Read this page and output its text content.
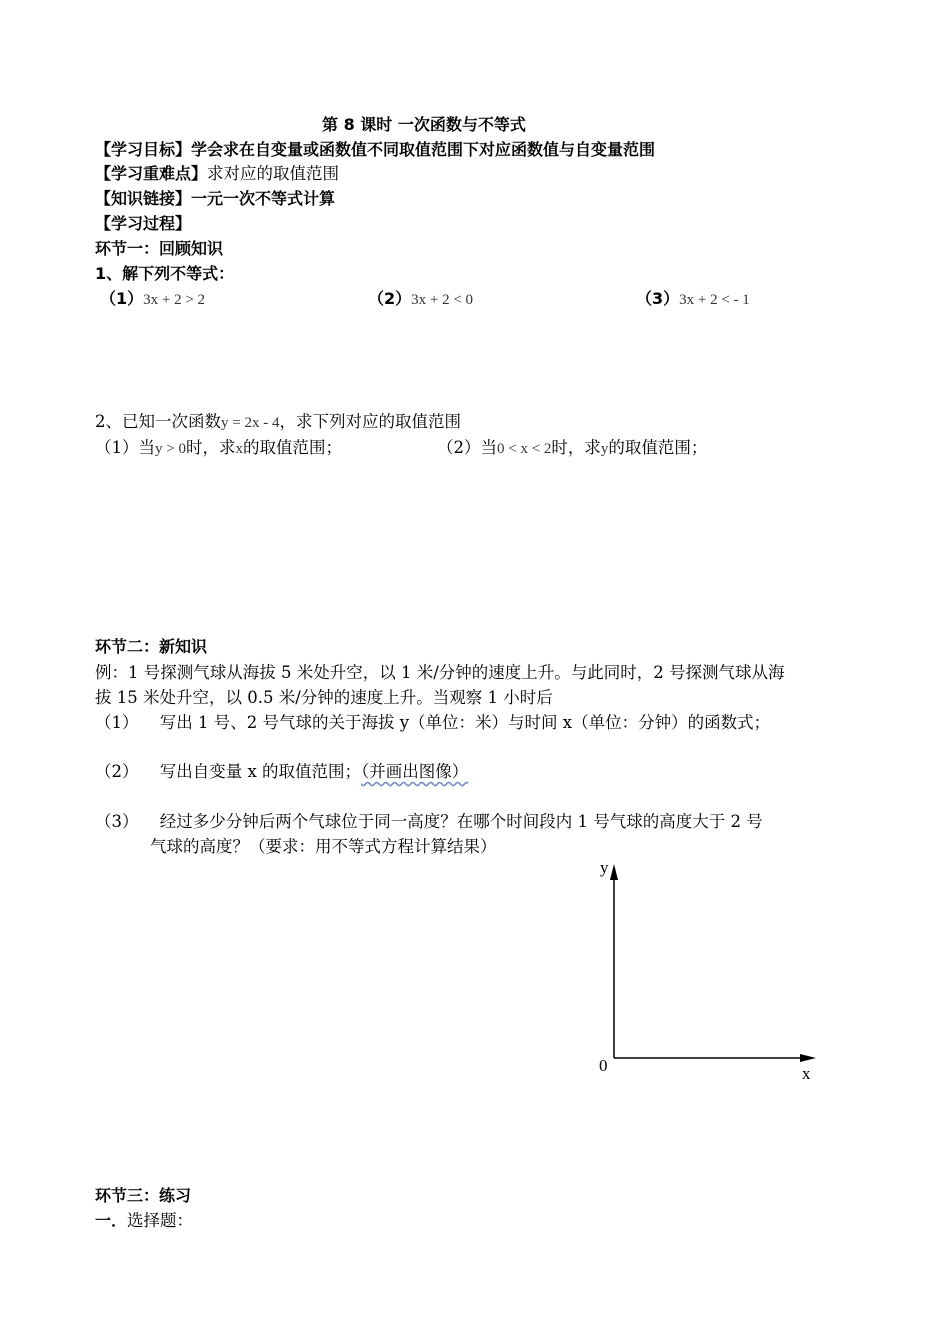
第 8 课时 一次函数与不等式
【学习目标】学会求在自变量或函数值不同取值范围下对应函数值与自变量范围
【学习重难点】求对应的取值范围
【知识链接】一元一次不等式计算
【学习过程】
环节一：回顾知识
1、解下列不等式：
（1）3x + 2 > 2	（2）3x + 2 < 0	（3）3x + 2 < - 1
2、已知一次函数y = 2x - 4，求下列对应的取值范围
（1）当y > 0时，求x的取值范围；	（2）当0 < x < 2时，求y的取值范围；
环节二：新知识
例：1 号探测气球从海拔 5 米处升空，以 1 米/分钟的速度上升。与此同时，2 号探测气球从海
拔 15 米处升空，以 0.5 米/分钟的速度上升。当观察 1 小时后
（1） 写出 1 号、2 号气球的关于海拔 y（单位：米）与时间 x（单位：分钟）的函数式；
（2） 写出自变量 x 的取值范围；（并画出图像）
（3） 经过多少分钟后两个气球位于同一高度？在哪个时间段内 1 号气球的高度大于 2 号
气球的高度？（要求：用不等式方程计算结果）
y
x
0
环节三：练习
一．选择题：
